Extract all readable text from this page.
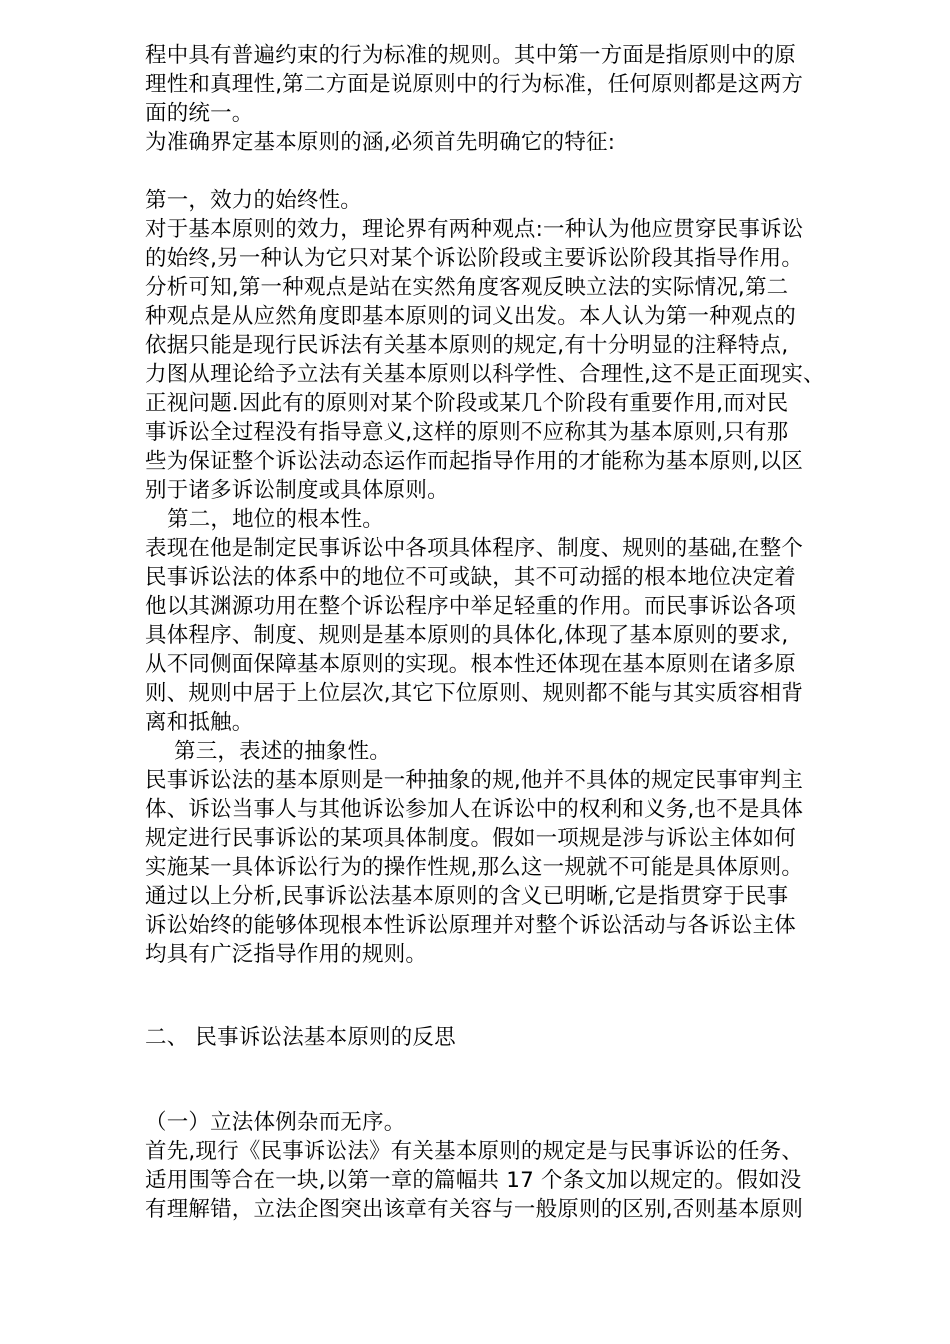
程中具有普遍约束的行为标准的规则。其中第一方面是指原则中的原
理性和真理性,第二方面是说原则中的行为标准，任何原则都是这两方
面的统一。
为准确界定基本原则的涵,必须首先明确它的特征:
第一，效力的始终性。
对于基本原则的效力，理论界有两种观点:一种认为他应贯穿民事诉讼
的始终,另一种认为它只对某个诉讼阶段或主要诉讼阶段其指导作用。
分析可知,第一种观点是站在实然角度客观反映立法的实际情况,第二
种观点是从应然角度即基本原则的词义出发。本人认为第一种观点的
依据只能是现行民诉法有关基本原则的规定,有十分明显的注释特点,
力图从理论给予立法有关基本原则以科学性、合理性,这不是正面现实、
正视问题.因此有的原则对某个阶段或某几个阶段有重要作用,而对民
事诉讼全过程没有指导意义,这样的原则不应称其为基本原则,只有那
些为保证整个诉讼法动态运作而起指导作用的才能称为基本原则,以区
别于诸多诉讼制度或具体原则。
第二，地位的根本性。
表现在他是制定民事诉讼中各项具体程序、制度、规则的基础,在整个
民事诉讼法的体系中的地位不可或缺，其不可动摇的根本地位决定着
他以其渊源功用在整个诉讼程序中举足轻重的作用。而民事诉讼各项
具体程序、制度、规则是基本原则的具体化,体现了基本原则的要求,
从不同侧面保障基本原则的实现。根本性还体现在基本原则在诸多原
则、规则中居于上位层次,其它下位原则、规则都不能与其实质容相背
离和抵触。
第三，表述的抽象性。
民事诉讼法的基本原则是一种抽象的规,他并不具体的规定民事审判主
体、诉讼当事人与其他诉讼参加人在诉讼中的权利和义务,也不是具体
规定进行民事诉讼的某项具体制度。假如一项规是涉与诉讼主体如何
实施某一具体诉讼行为的操作性规,那么这一规就不可能是具体原则。
通过以上分析,民事诉讼法基本原则的含义已明晰,它是指贯穿于民事
诉讼始终的能够体现根本性诉讼原理并对整个诉讼活动与各诉讼主体
均具有广泛指导作用的规则。
二、 民事诉讼法基本原则的反思
（一）立法体例杂而无序。
首先,现行《民事诉讼法》有关基本原则的规定是与民事诉讼的任务、
适用围等合在一块,以第一章的篇幅共 17 个条文加以规定的。假如没
有理解错，立法企图突出该章有关容与一般原则的区别,否则基本原则
